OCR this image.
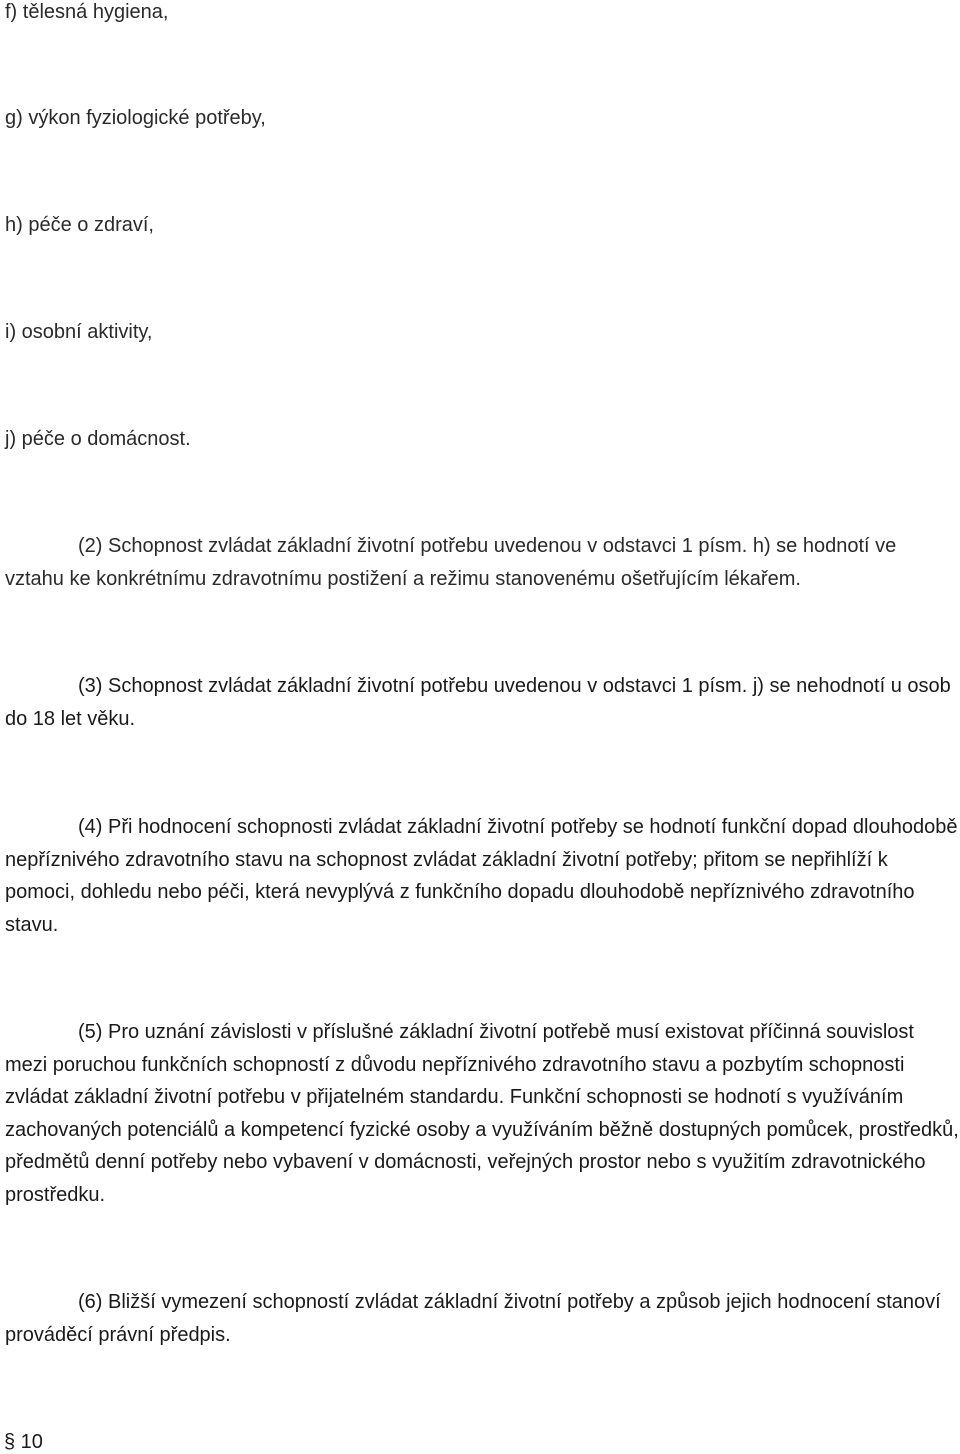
f) tělesná hygiena,

g) výkon fyziologické potřeby,

h) péče o zdraví,

i) osobní aktivity,

j) péče o domácnost.

(2) Schopnost zvládat základní životní potřebu uvedenou v odstavci 1 písm. h) se hodnotí ve vztahu ke konkrétnímu zdravotnímu postižení a režimu stanovenému ošetřujícím lékařem.

(3) Schopnost zvládat základní životní potřebu uvedenou v odstavci 1 písm. j) se nehodnotí u osob do 18 let věku.

(4) Při hodnocení schopnosti zvládat základní životní potřeby se hodnotí funkční dopad dlouhodobě nepříznivého zdravotního stavu na schopnost zvládat základní životní potřeby; přitom se nepřihlíží k pomoci, dohledu nebo péči, která nevyplývá z funkčního dopadu dlouhodobě nepříznivého zdravotního stavu.

(5) Pro uznání závislosti v příslušné základní životní potřebě musí existovat příčinná souvislost mezi poruchou funkčních schopností z důvodu nepříznivého zdravotního stavu a pozbytím schopnosti zvládat základní životní potřebu v přijatelném standardu. Funkční schopnosti se hodnotí s využíváním zachovaných potenciálů a kompetencí fyzické osoby a využíváním běžně dostupných pomůcek, prostředků, předmětů denní potřeby nebo vybavení v domácnosti, veřejných prostor nebo s využitím zdravotnického prostředku.

(6) Bližší vymezení schopností zvládat základní životní potřeby a způsob jejich hodnocení stanoví prováděcí právní předpis.

§ 10
